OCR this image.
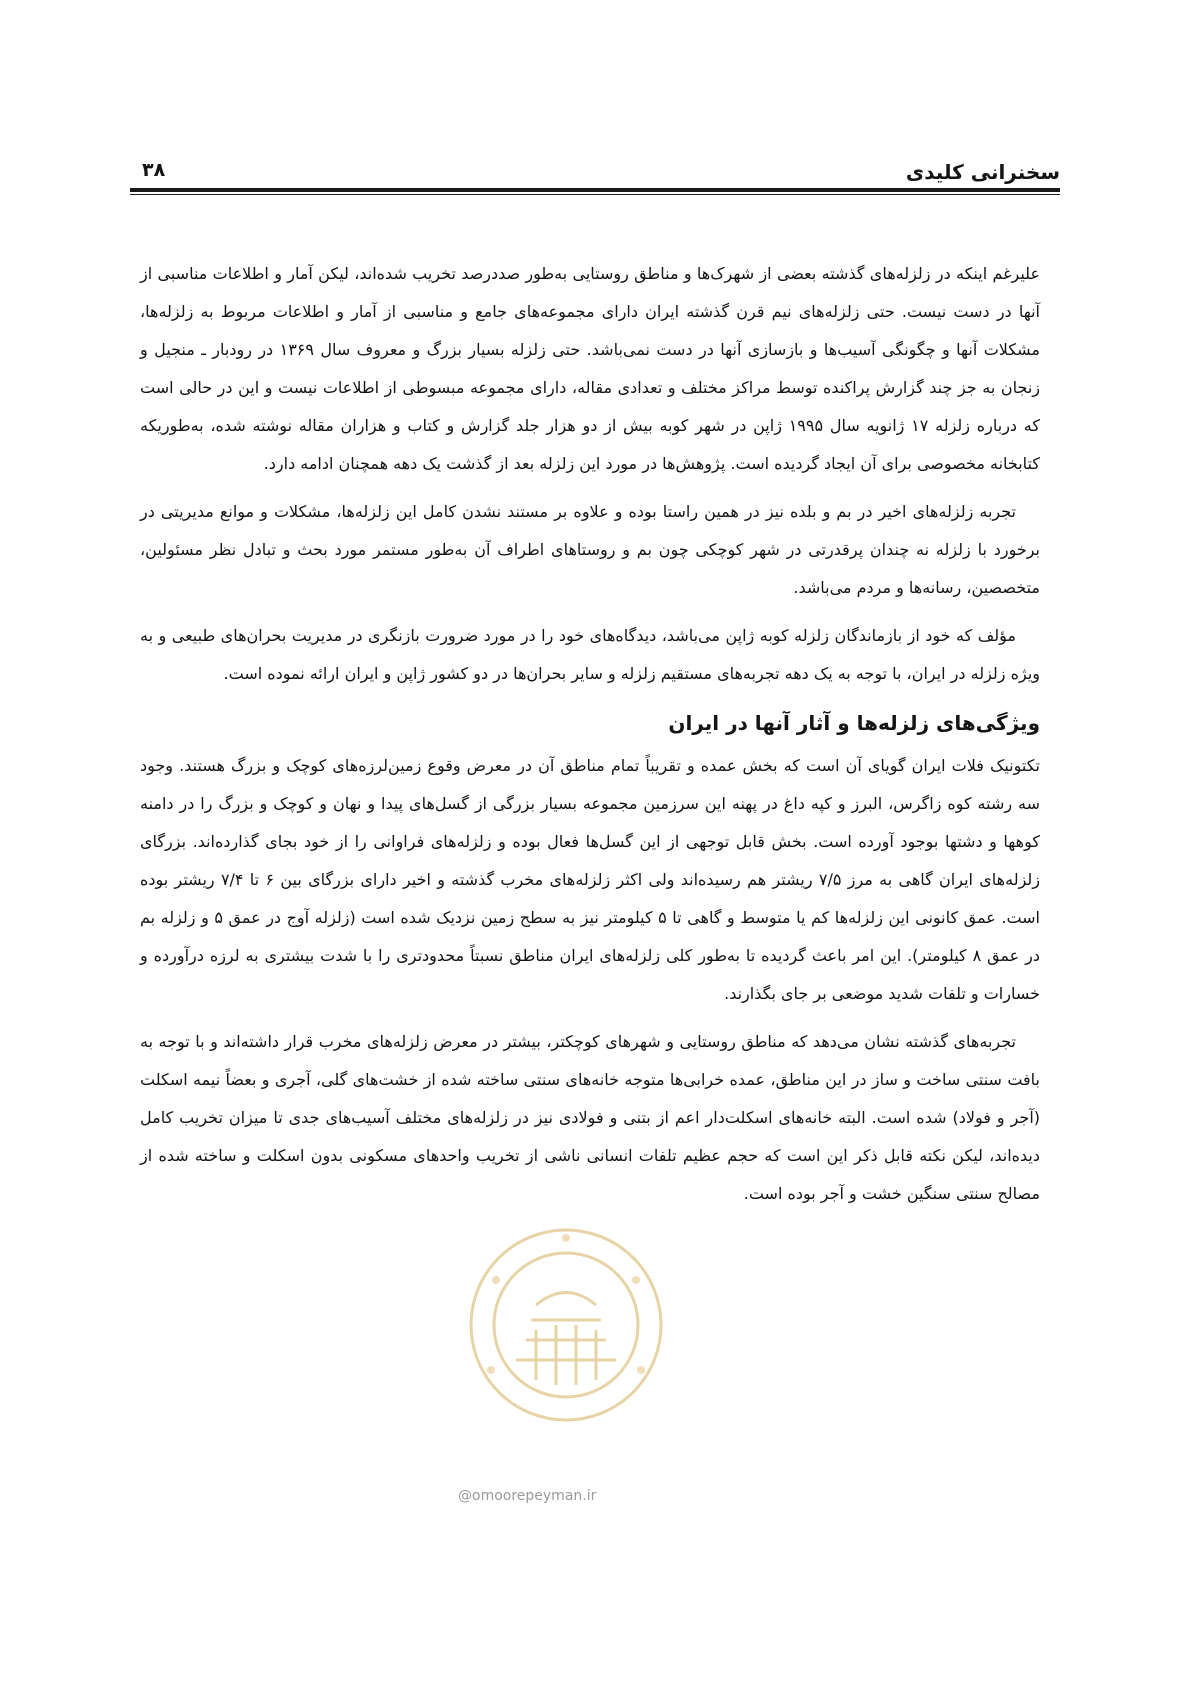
سخنرانی کلیدی
۳۸

علیرغم اینکه در زلزله‌های گذشته بعضی از شهرک‌ها و مناطق روستایی به‌طور صددرصد تخریب شده‌اند، لیکن آمار و اطلاعات مناسبی از آنها در دست نیست. حتی زلزله‌های نیم قرن گذشته ایران دارای مجموعه‌های جامع و مناسبی از آمار و اطلاعات مربوط به زلزله‌ها، مشکلات آنها و چگونگی آسیب‌ها و بازسازی آنها در دست نمی‌باشد. حتی زلزله بسیار بزرگ و معروف سال ۱۳۶۹ در رودبار ـ منجیل و زنجان به جز چند گزارش پراکنده توسط مراکز مختلف و تعدادی مقاله، دارای مجموعه مبسوطی از اطلاعات نیست و این در حالی است که درباره زلزله ۱۷ ژانویه سال ۱۹۹۵ ژاپن در شهر کوبه بیش از دو هزار جلد گزارش و کتاب و هزاران مقاله نوشته شده، به‌طوریکه کتابخانه مخصوصی برای آن ایجاد گردیده است. پژوهش‌ها در مورد این زلزله بعد از گذشت یک دهه همچنان ادامه دارد.

تجربه زلزله‌های اخیر در بم و بلده نیز در همین راستا بوده و علاوه بر مستند نشدن کامل این زلزله‌ها، مشکلات و موانع مدیریتی در برخورد با زلزله نه چندان پرقدرتی در شهر کوچکی چون بم و روستاهای اطراف آن به‌طور مستمر مورد بحث و تبادل نظر مسئولین، متخصصین، رسانه‌ها و مردم می‌باشد.

مؤلف که خود از بازماندگان زلزله کوبه ژاپن می‌باشد، دیدگاه‌های خود را در مورد ضرورت بازنگری در مدیریت بحران‌های طبیعی و به ویژه زلزله در ایران، با توجه به یک دهه تجربه‌های مستقیم زلزله و سایر بحران‌ها در دو کشور ژاپن و ایران ارائه نموده است.

ویژگی‌های زلزله‌ها و آثار آنها در ایران

تکتونیک فلات ایران گویای آن است که بخش عمده و تقریباً تمام مناطق آن در معرض وقوع زمین‌لرزه‌های کوچک و بزرگ هستند. وجود سه رشته کوه زاگرس، البرز و کپه داغ در پهنه این سرزمین مجموعه بسیار بزرگی از گسل‌های پیدا و نهان و کوچک و بزرگ را در دامنه کوهها و دشتها بوجود آورده است. بخش قابل توجهی از این گسل‌ها فعال بوده و زلزله‌های فراوانی را از خود بجای گذارده‌اند. بزرگای زلزله‌های ایران گاهی به مرز ۷/۵ ریشتر هم رسیده‌اند ولی اکثر زلزله‌های مخرب گذشته و اخیر دارای بزرگای بین ۶ تا ۷/۴ ریشتر بوده است. عمق کانونی این زلزله‌ها کم یا متوسط و گاهی تا ۵ کیلومتر نیز به سطح زمین نزدیک شده است (زلزله آوج در عمق ۵ و زلزله بم در عمق ۸ کیلومتر). این امر باعث گردیده تا به‌طور کلی زلزله‌های ایران مناطق نسبتاً محدودتری را با شدت بیشتری به لرزه درآورده و خسارات و تلفات شدید موضعی بر جای بگذارند.

تجربه‌های گذشته نشان می‌دهد که مناطق روستایی و شهرهای کوچکتر، بیشتر در معرض زلزله‌های مخرب قرار داشته‌اند و با توجه به بافت سنتی ساخت و ساز در این مناطق، عمده خرابی‌ها متوجه خانه‌های سنتی ساخته شده از خشت‌های گلی، آجری و بعضاً نیمه اسکلت (آجر و فولاد) شده است. البته خانه‌های اسکلت‌دار اعم از بتنی و فولادی نیز در زلزله‌های مختلف آسیب‌های جدی تا میزان تخریب کامل دیده‌اند، لیکن نکته قابل ذکر این است که حجم عظیم تلفات انسانی ناشی از تخریب واحدهای مسکونی بدون اسکلت و ساخته شده از مصالح سنتی سنگین خشت و آجر بوده است.

@omoorepeyman.ir
